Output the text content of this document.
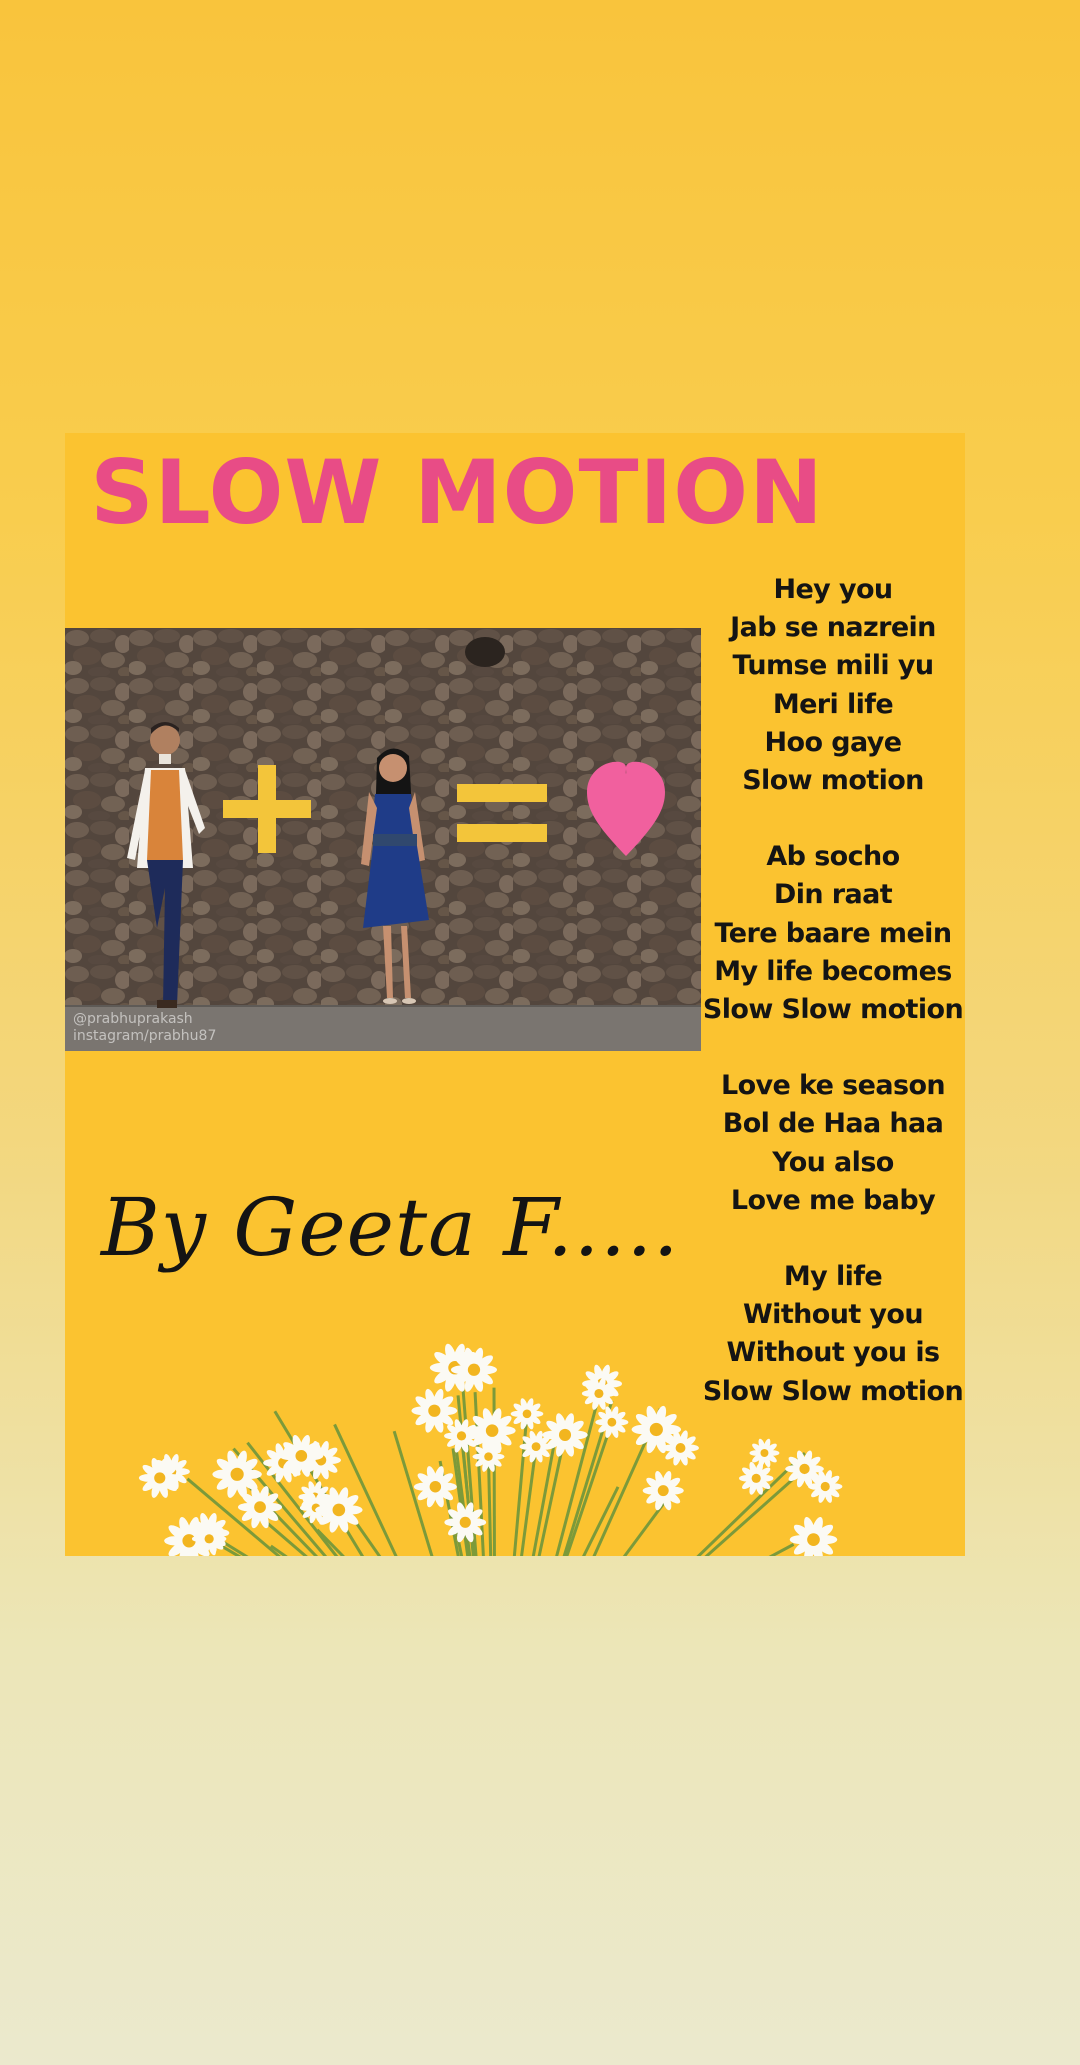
SLOW MOTION
@prabhuprakash
instagram/prabhu87
Hey you
Jab se nazrein
Tumse mili yu
Meri life
Hoo gaye
Slow motion
Ab socho
Din raat
Tere baare mein
My life becomes
Slow Slow motion
Love ke season
Bol de Haa haa
You also
Love me baby
My life
Without you
Without you is
Slow Slow motion
By Geeta F.....
